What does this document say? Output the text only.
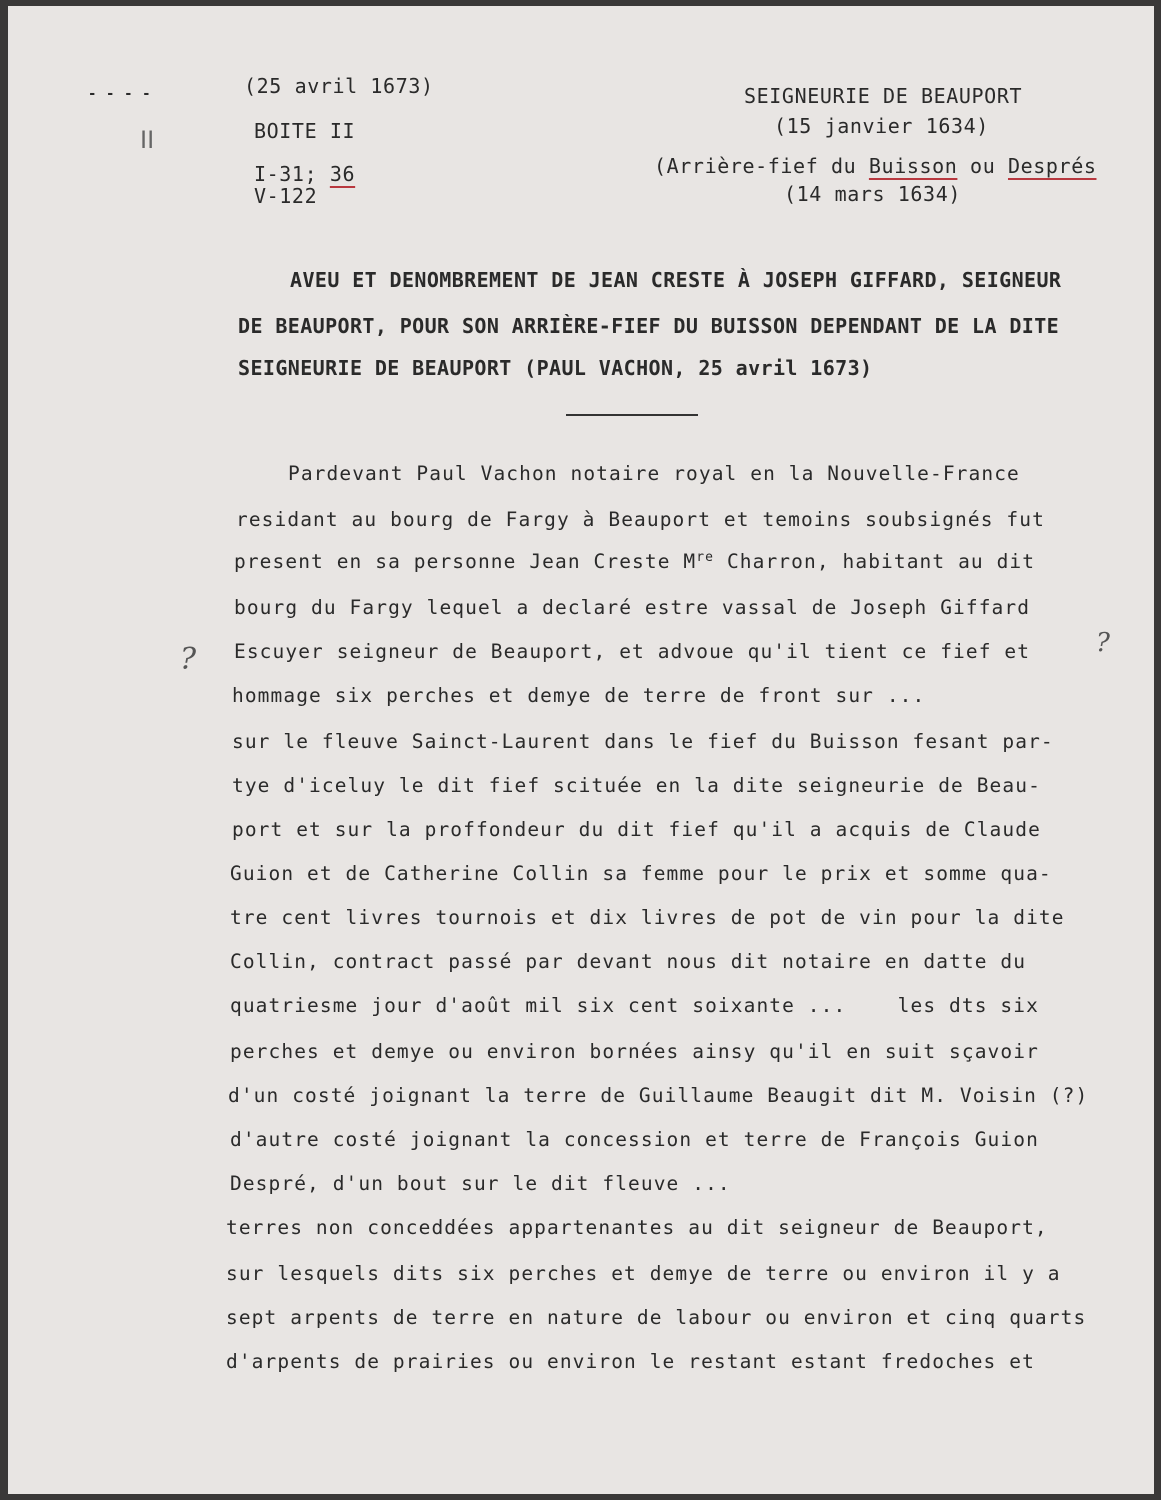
- - - -
II
?	?
(25 avril 1673)
BOITE II
I-31; 36
V-122
SEIGNEURIE DE BEAUPORT
(15 janvier 1634)
(Arrière-fief du Buisson ou Després
(14 mars 1634)
AVEU ET DENOMBREMENT DE JEAN CRESTE À JOSEPH GIFFARD, SEIGNEUR
DE BEAUPORT, POUR SON ARRIÈRE-FIEF DU BUISSON DEPENDANT DE LA DITE
SEIGNEURIE DE BEAUPORT (PAUL VACHON, 25 avril 1673)
Pardevant Paul Vachon notaire royal en la Nouvelle-France
residant au bourg de Fargy à Beauport et temoins soubsignés fut
present en sa personne Jean Creste Mre Charron, habitant au dit
bourg du Fargy lequel a declaré estre vassal de Joseph Giffard
Escuyer seigneur de Beauport, et advoue qu'il tient ce fief et
hommage six perches et demye de terre de front sur ...
sur le fleuve Sainct-Laurent dans le fief du Buisson fesant par-
tye d'iceluy le dit fief scituée en la dite seigneurie de Beau-
port et sur la proffondeur du dit fief qu'il a acquis de Claude
Guion et de Catherine Collin sa femme pour le prix et somme qua-
tre cent livres tournois et dix livres de pot de vin pour la dite
Collin, contract passé par devant nous dit notaire en datte du
quatriesme jour d'août mil six cent soixante ...    les dts six
perches et demye ou environ bornées ainsy qu'il en suit sçavoir
d'un costé joignant la terre de Guillaume Beaugit dit M. Voisin (?)
d'autre costé joignant la concession et terre de François Guion
Despré, d'un bout sur le dit fleuve ...
terres non conceddées appartenantes au dit seigneur de Beauport,
sur lesquels dits six perches et demye de terre ou environ il y a
sept arpents de terre en nature de labour ou environ et cinq quarts
d'arpents de prairies ou environ le restant estant fredoches et
